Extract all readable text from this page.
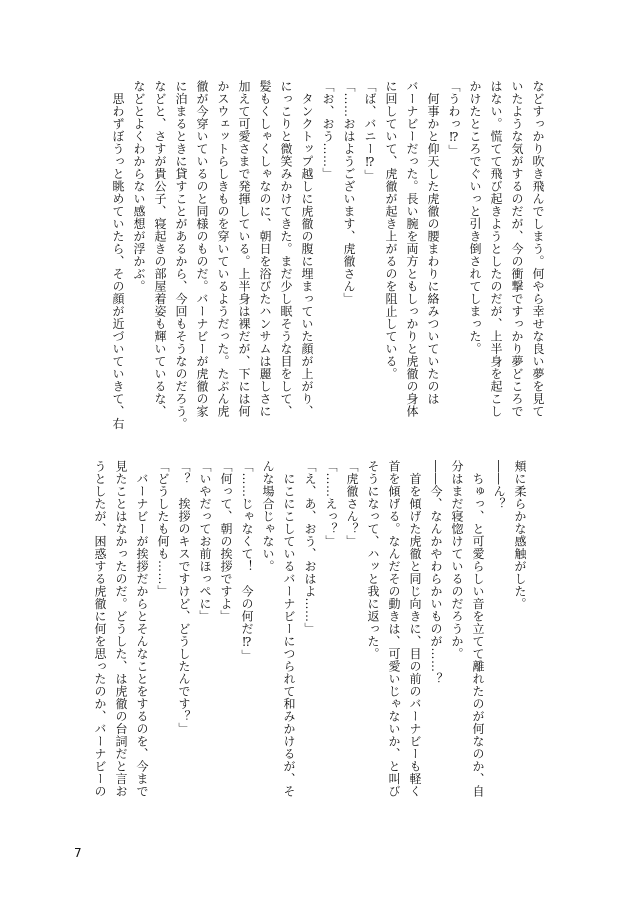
などすっかり吹き飛んでしまう。何やら幸せな良い夢を見て
いたような気がするのだが、今の衝撃ですっかり夢どころで
はない。慌てて飛び起きようとしたのだが、上半身を起こし
かけたところでぐいっと引き倒されてしまった。
「うわっ⁉」
　何事かと仰天した虎徹の腰まわりに絡みついていたのは
バーナビーだった。長い腕を両方ともしっかりと虎徹の身体
に回していて、虎徹が起き上がるのを阻止している。
「ば、バニー⁉」
「……おはようございます、虎徹さん」
「お、おう……」
　タンクトップ越しに虎徹の腹に埋まっていた顔が上がり、
にっこりと微笑みかけてきた。まだ少し眠そうな目をして、
髪もくしゃくしゃなのに、朝日を浴びたハンサムは麗しさに
加えて可愛さまで発揮している。上半身は裸だが、下には何
かスウェットらしきものを穿いているようだった。たぶん虎
徹が今穿いているのと同様のものだ。バーナビーが虎徹の家
に泊まるときに貸すことがあるから、今回もそうなのだろう。
などと、さすが貴公子、寝起きの部屋着姿も輝いているな、
などとよくわからない感想が浮かぶ。
　思わずぼうっと眺めていたら、その顔が近づいていきて、右
頬に柔らかな感触がした。
――ん？
　ちゅっ、と可愛らしい音を立てて離れたのが何なのか、自
分はまだ寝惚けているのだろうか。
――今、なんかやわらかいものが……？
　首を傾げた虎徹と同じ向きに、目の前のバーナビーも軽く
首を傾げる。なんだその動きは、可愛いじゃないか、と叫び
そうになって、ハッと我に返った。
「虎徹さん？」
「……えっ？」
「え、あ、おう、おはよ……」
　にこにこしているバーナビーにつられて和みかけるが、そ
んな場合じゃない。
「……じゃなくて！　今の何だ⁉」
「何って、朝の挨拶ですよ」
「いやだってお前ほっぺに」
「？　挨拶のキスですけど、どうしたんです？」
「どうしたも何も……」
　バーナビーが挨拶だからとそんなことをするのを、今まで
見たことはなかったのだ。どうした、は虎徹の台詞だと言お
うとしたが、困惑する虎徹に何を思ったのか、バーナビーの
7
